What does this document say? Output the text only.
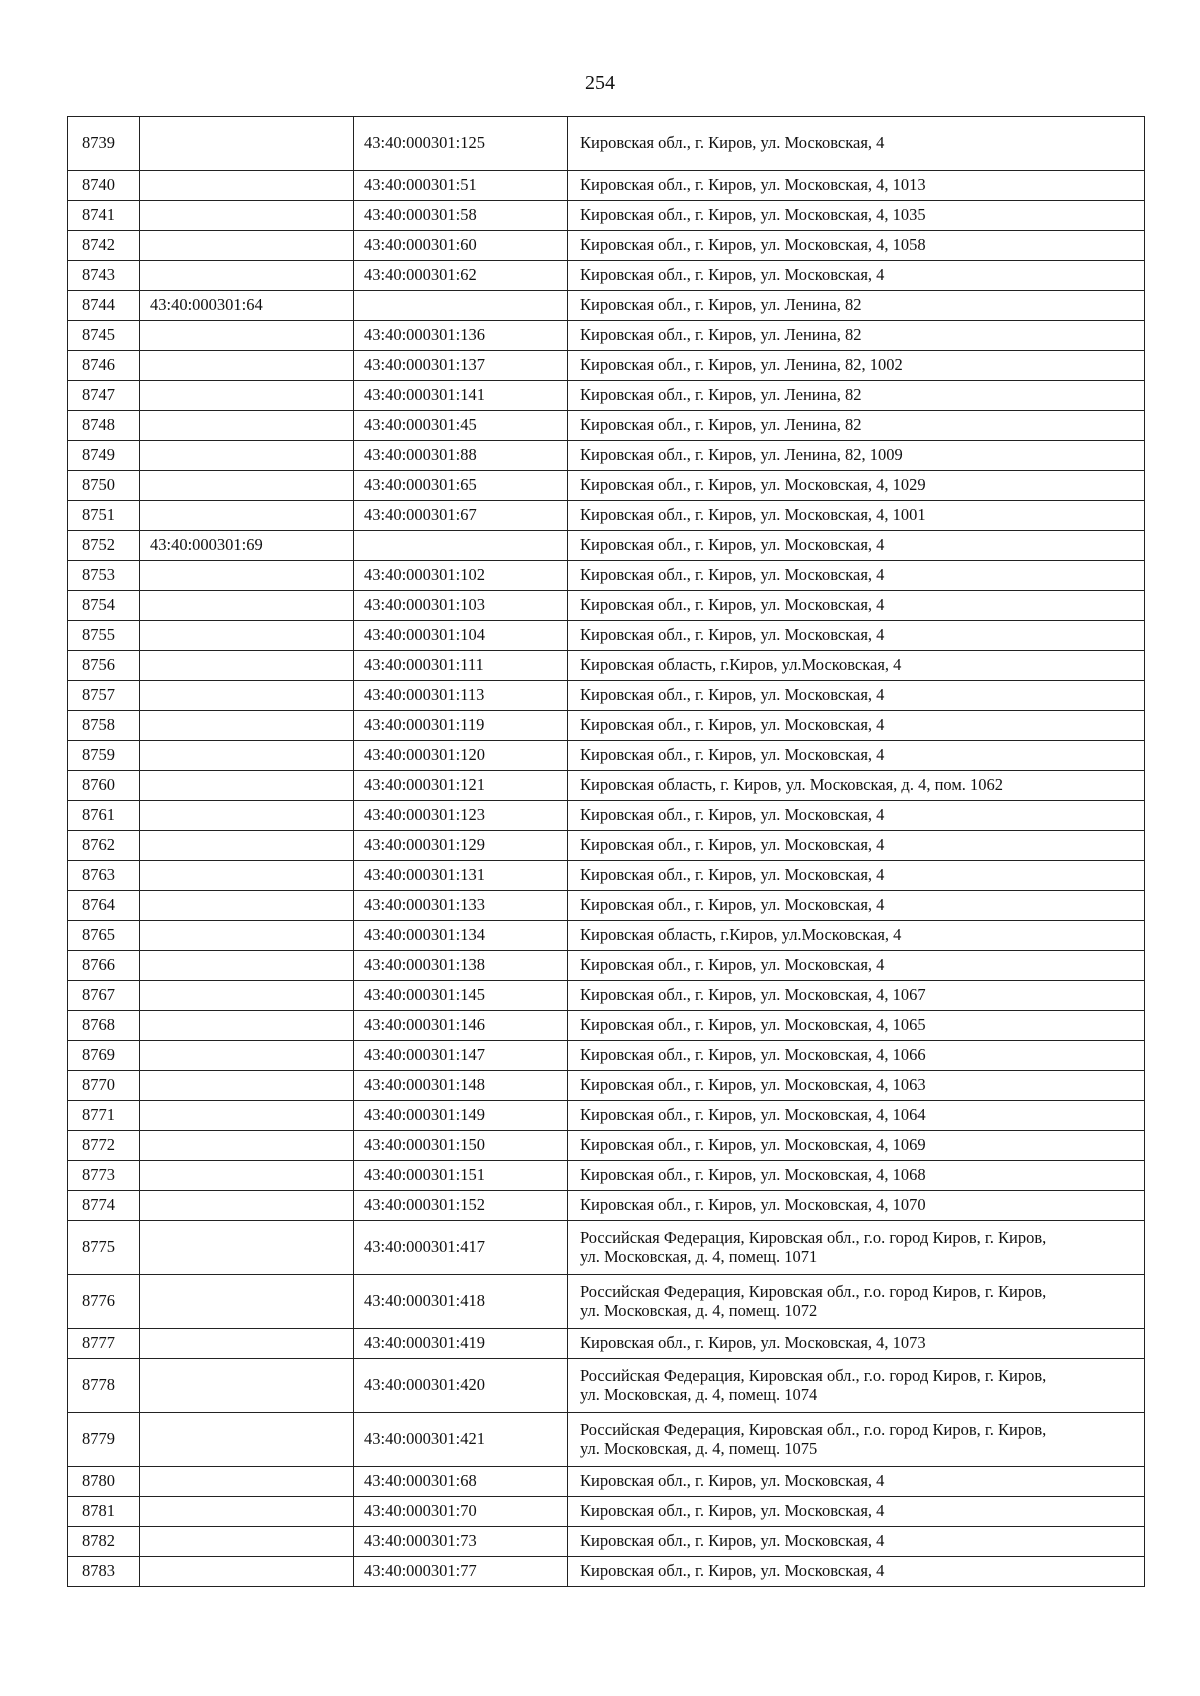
254
8739		43:40:000301:125	Кировская обл., г. Киров, ул. Московская, 4

8740		43:40:000301:51	Кировская обл., г. Киров, ул. Московская, 4, 1013

8741		43:40:000301:58	Кировская обл., г. Киров, ул. Московская, 4, 1035

8742		43:40:000301:60	Кировская обл., г. Киров, ул. Московская, 4, 1058

8743		43:40:000301:62	Кировская обл., г. Киров, ул. Московская, 4

8744	43:40:000301:64		Кировская обл., г. Киров, ул. Ленина, 82

8745		43:40:000301:136	Кировская обл., г. Киров, ул. Ленина, 82

8746		43:40:000301:137	Кировская обл., г. Киров, ул. Ленина, 82, 1002

8747		43:40:000301:141	Кировская обл., г. Киров, ул. Ленина, 82

8748		43:40:000301:45	Кировская обл., г. Киров, ул. Ленина, 82

8749		43:40:000301:88	Кировская обл., г. Киров, ул. Ленина, 82, 1009

8750		43:40:000301:65	Кировская обл., г. Киров, ул. Московская, 4, 1029

8751		43:40:000301:67	Кировская обл., г. Киров, ул. Московская, 4, 1001

8752	43:40:000301:69		Кировская обл., г. Киров, ул. Московская, 4

8753		43:40:000301:102	Кировская обл., г. Киров, ул. Московская, 4

8754		43:40:000301:103	Кировская обл., г. Киров, ул. Московская, 4

8755		43:40:000301:104	Кировская обл., г. Киров, ул. Московская, 4

8756		43:40:000301:111	Кировская область, г.Киров, ул.Московская, 4

8757		43:40:000301:113	Кировская обл., г. Киров, ул. Московская, 4

8758		43:40:000301:119	Кировская обл., г. Киров, ул. Московская, 4

8759		43:40:000301:120	Кировская обл., г. Киров, ул. Московская, 4

8760		43:40:000301:121	Кировская область, г. Киров, ул. Московская, д. 4, пом. 1062

8761		43:40:000301:123	Кировская обл., г. Киров, ул. Московская, 4

8762		43:40:000301:129	Кировская обл., г. Киров, ул. Московская, 4

8763		43:40:000301:131	Кировская обл., г. Киров, ул. Московская, 4

8764		43:40:000301:133	Кировская обл., г. Киров, ул. Московская, 4

8765		43:40:000301:134	Кировская область, г.Киров, ул.Московская, 4

8766		43:40:000301:138	Кировская обл., г. Киров, ул. Московская, 4

8767		43:40:000301:145	Кировская обл., г. Киров, ул. Московская, 4, 1067

8768		43:40:000301:146	Кировская обл., г. Киров, ул. Московская, 4, 1065

8769		43:40:000301:147	Кировская обл., г. Киров, ул. Московская, 4, 1066

8770		43:40:000301:148	Кировская обл., г. Киров, ул. Московская, 4, 1063

8771		43:40:000301:149	Кировская обл., г. Киров, ул. Московская, 4, 1064

8772		43:40:000301:150	Кировская обл., г. Киров, ул. Московская, 4, 1069

8773		43:40:000301:151	Кировская обл., г. Киров, ул. Московская, 4, 1068

8774		43:40:000301:152	Кировская обл., г. Киров, ул. Московская, 4, 1070

8775		43:40:000301:417	Российская Федерация, Кировская обл., г.о. город Киров, г. Киров,
ул. Московская, д. 4, помещ. 1071

8776		43:40:000301:418	Российская Федерация, Кировская обл., г.о. город Киров, г. Киров,
ул. Московская, д. 4, помещ. 1072

8777		43:40:000301:419	Кировская обл., г. Киров, ул. Московская, 4, 1073

8778		43:40:000301:420	Российская Федерация, Кировская обл., г.о. город Киров, г. Киров,
ул. Московская, д. 4, помещ. 1074

8779		43:40:000301:421	Российская Федерация, Кировская обл., г.о. город Киров, г. Киров,
ул. Московская, д. 4, помещ. 1075

8780		43:40:000301:68	Кировская обл., г. Киров, ул. Московская, 4

8781		43:40:000301:70	Кировская обл., г. Киров, ул. Московская, 4

8782		43:40:000301:73	Кировская обл., г. Киров, ул. Московская, 4

8783		43:40:000301:77	Кировская обл., г. Киров, ул. Московская, 4
